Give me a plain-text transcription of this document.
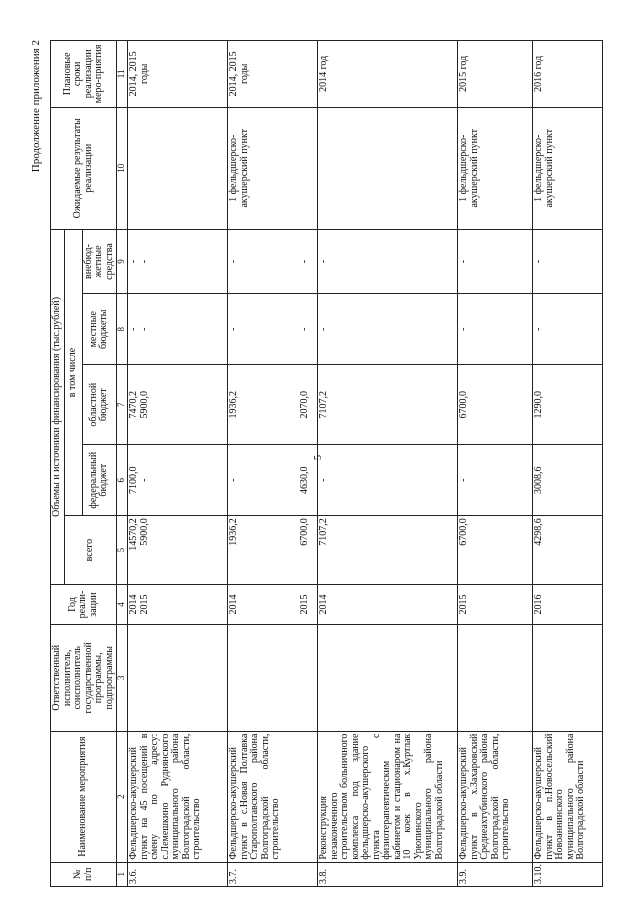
5
Продолжение приложения 2
№ п/п	Наименование мероприятия	Ответственный исполнитель, соисполнитель государственной программы, подпрограммы	Год реали-зации	Объемы и источники финансирования (тыс.рублей)					Ожидаемые результаты реализации	Плановые сроки реализации меро-приятия
				всего	в том числе					
					федеральный бюджет	областной бюджет	местные бюджеты	внебюд-жетные средства		
1	2	3	4	5	6	7	8	9	10	11
3.6.	Фельдшерско-акушерский пункт на 45 посещений в смену по адресу: с.Лемешкино Руднянского муниципального района Волгоградской области, строительство		2014 2015	14570,2 5900,0	7100,0 -	7470,2 5900,0	- -	- -		2014, 2015 годы
3.7.	Фельдшерско-акушерский пункт в с.Новая Полтавка Старополтавского района Волгоградской области, строительство		2014 2015	1936,2 6700,0	- 4630,0	1936,2 2070,0	- -	- -	1 фельдшерско-акушерский пункт	2014, 2015 годы
3.8.	Реконструкция незаконченного строительством больничного комплекса под здание фельдшерско-акушерского пункта с физиотерапевтическим кабинетом и стационаром на 10 коек в х.Куртлак Урюпинского муниципального района Волгоградской области		2014	7107,2	-	7107,2	-	-		2014 год
3.9.	Фельдшерско-акушерский пункт в х.Захаровский Среднеахтубинского района Волгоградской области, строительство		2015	6700,0	-	6700,0	-	-	1 фельдшерско-акушерский пункт	2015 год
3.10.	Фельдшерско-акушерский пункт в п.Новосельский Новоаннинского муниципального района Волгоградской области		2016	4298,6	3008,6	1290,0	-	-	1 фельдшерско-акушерский пункт	2016 год
